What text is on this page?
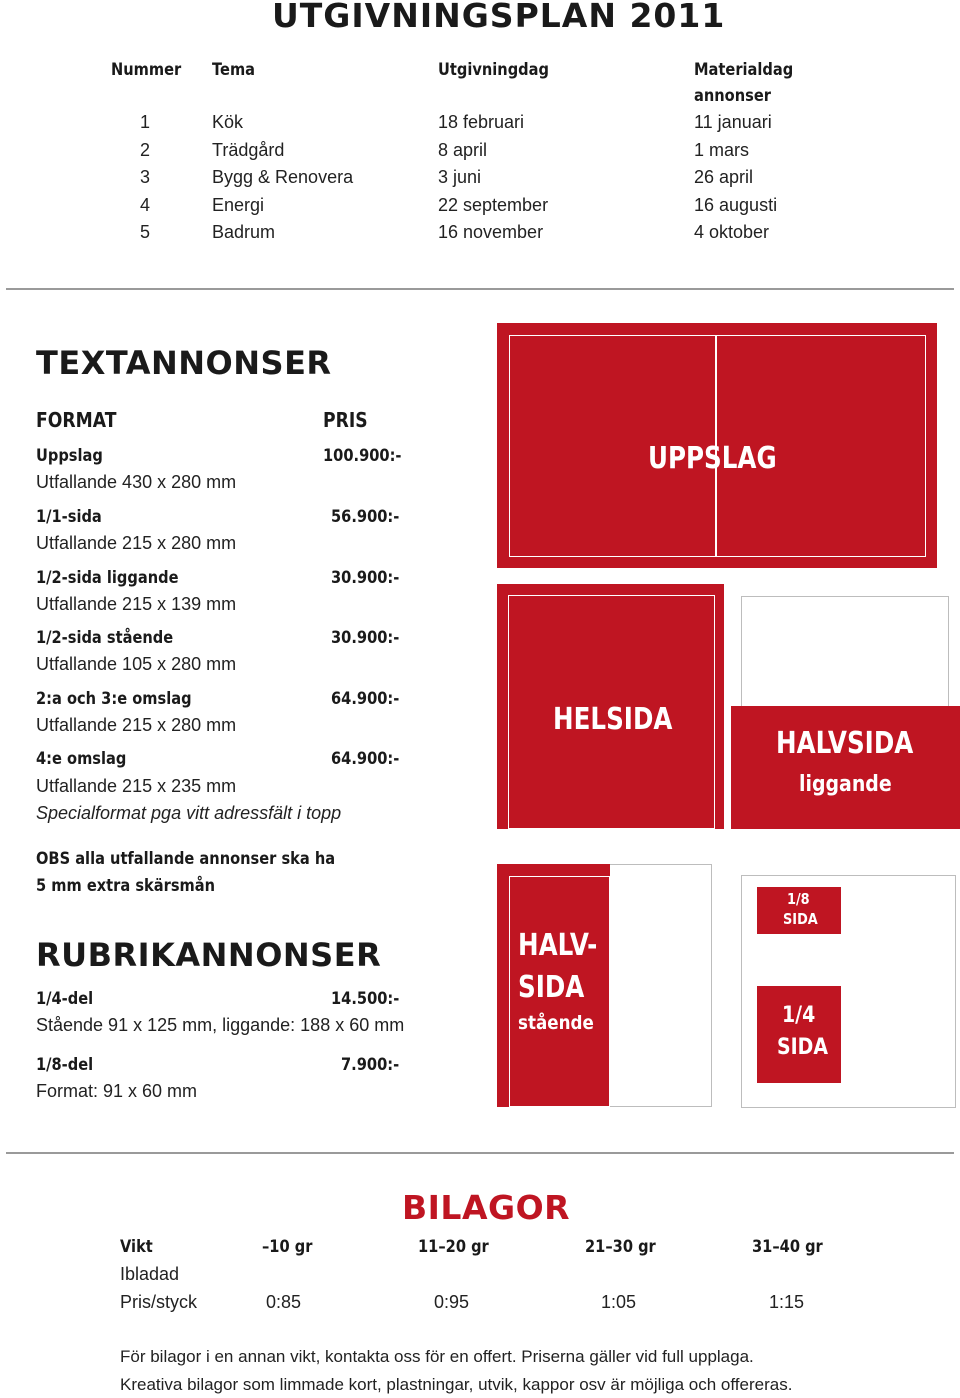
UTGIVNINGSPLAN 2011
Nummer Tema	Utgivningdag	Materialdag
annonser
1	Kök	18 februari	11 januari
2	Trädgård	8 april	1 mars
3	Bygg & Renovera	3 juni	26 april
4	Energi	22 september	16 augusti
5	Badrum	16 november	4 oktober
TEXTANNONSER
FORMAT	PRIS
Uppslag	100.900:-
Utfallande 430 x 280 mm
1/1-sida	56.900:-
Utfallande 215 x 280 mm
1/2-sida liggande	30.900:-
Utfallande 215 x 139 mm
1/2-sida stående	30.900:-
Utfallande 105 x 280 mm
2:a och 3:e omslag	64.900:-
Utfallande 215 x 280 mm
4:e omslag	64.900:-
Utfallande 215 x 235 mm
Specialformat pga vitt adressfält i topp
OBS alla utfallande annonser ska ha
5 mm extra skärsmån
RUBRIKANNONSER
1/4-del	14.500:-
Stående 91 x 125 mm, liggande: 188 x 60 mm
1/8-del	7.900:-
Format: 91 x 60 mm
UPPSLAG
HELSIDA
HALVSIDA
liggande
HALV-
SIDA
stående
1/8
SIDA
1/4
SIDA
BILAGOR
Vikt	–10 gr	11–20 gr	21–30 gr	31–40 gr
Ibladad
Pris/styck	0:85	0:95	1:05	1:15
För bilagor i en annan vikt, kontakta oss för en offert. Priserna gäller vid full upplaga.
Kreativa bilagor som limmade kort, plastningar, utvik, kappor osv är möjliga och offereras.
